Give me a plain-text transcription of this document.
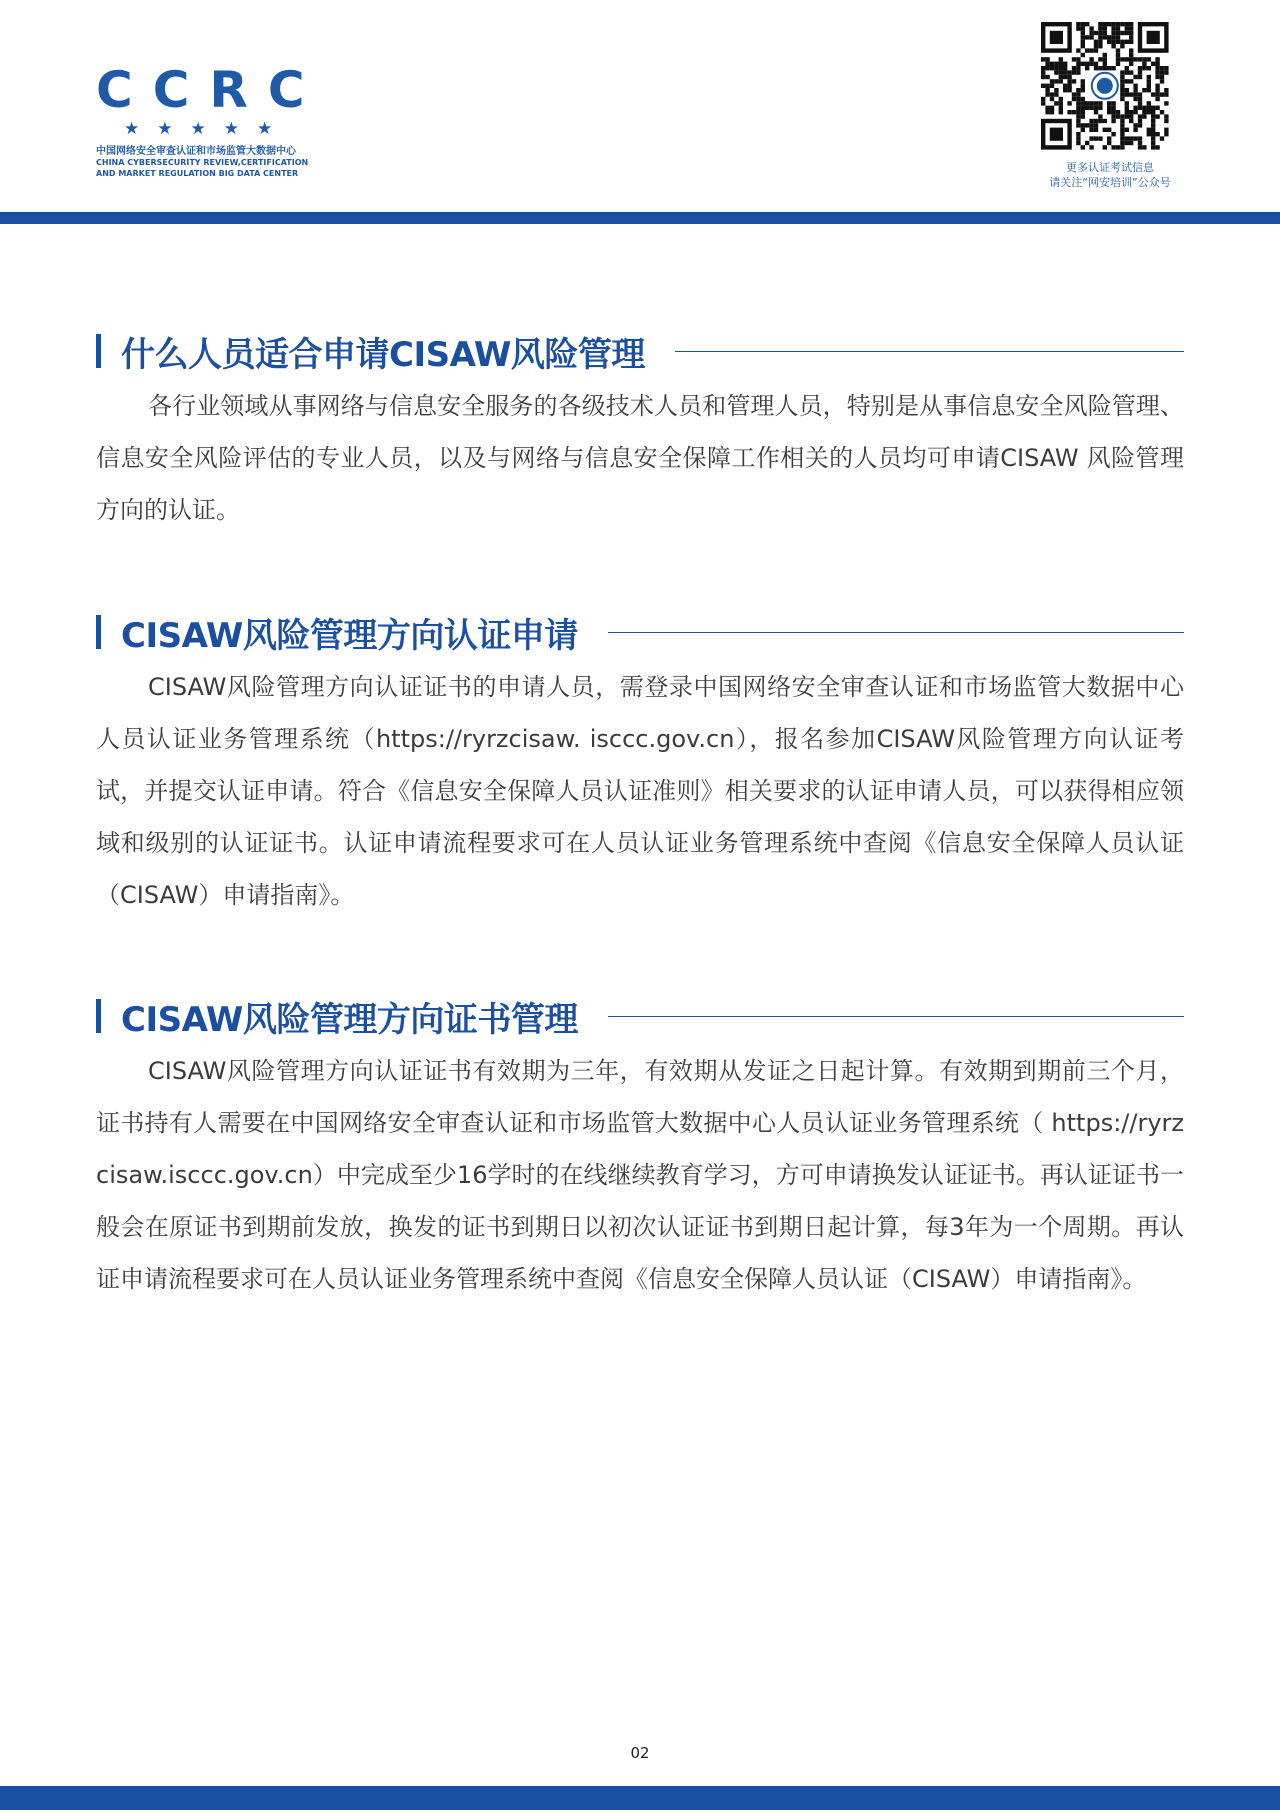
CCRC
★★★★★
中国网络安全审查认证和市场监管大数据中心
CHINA CYBERSECURITY REVIEW,CERTIFICATION
AND MARKET REGULATION BIG DATA CENTER	更多认证考试信息
请关注“网安培训”公众号
什么人员适合申请CISAW风险管理
各行业领域从事网络与信息安全服务的各级技术人员和管理人员，特别是从事信息安全风险管理、信息安全风险评估的专业人员，以及与网络与信息安全保障工作相关的人员均可申请CISAW 风险管理方向的认证。
CISAW风险管理方向认证申请
CISAW风险管理方向认证证书的申请人员，需登录中国网络安全审查认证和市场监管大数据中心人员认证业务管理系统（https://ryrzcisaw. isccc.gov.cn），报名参加CISAW风险管理方向认证考试，并提交认证申请。符合《信息安全保障人员认证准则》相关要求的认证申请人员，可以获得相应领域和级别的认证证书。认证申请流程要求可在人员认证业务管理系统中查阅《信息安全保障人员认证（CISAW）申请指南》。
CISAW风险管理方向证书管理
CISAW风险管理方向认证证书有效期为三年，有效期从发证之日起计算。有效期到期前三个月，证书持有人需要在中国网络安全审查认证和市场监管大数据中心人员认证业务管理系统（ https://ryrzcisaw.isccc.gov.cn）中完成至少16学时的在线继续教育学习，方可申请换发认证证书。再认证证书一般会在原证书到期前发放，换发的证书到期日以初次认证证书到期日起计算，每3年为一个周期。再认证申请流程要求可在人员认证业务管理系统中查阅《信息安全保障人员认证（CISAW）申请指南》。
02
